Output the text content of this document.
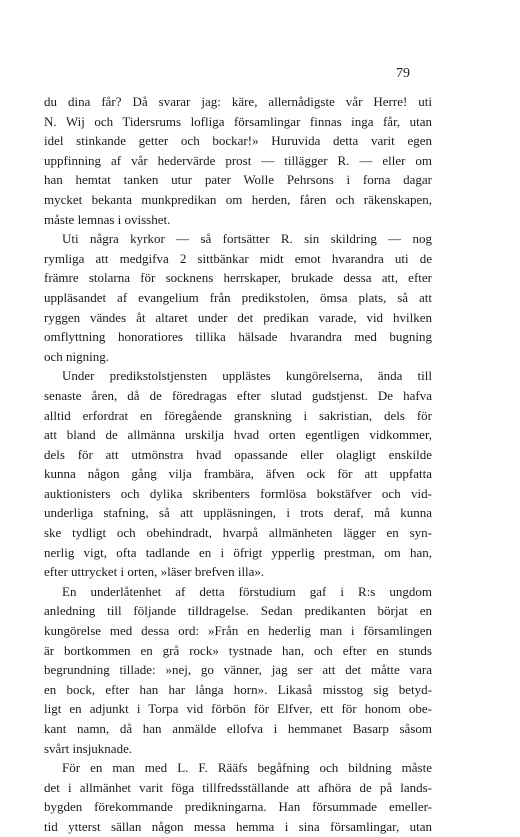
79
du dina får? Då svarar jag: käre, allernådigste vår Herre! uti
N. Wij och Tidersrums lofliga församlingar finnas inga får, utan
idel stinkande getter och bockar!» Huruvida detta varit egen
uppfinning af vår hedervärde prost — tillägger R. — eller om
han hemtat tanken utur pater Wolle Pehrsons i forna dagar
mycket bekanta munkpredikan om herden, fåren och räkenskapen,
måste lemnas i ovisshet.
Uti några kyrkor — så fortsätter R. sin skildring — nog
rymliga att medgifva 2 sittbänkar midt emot hvarandra uti de
främre stolarna för socknens herrskaper, brukade dessa att, efter
uppläsandet af evangelium från predikstolen, ömsa plats, så att
ryggen vändes åt altaret under det predikan varade, vid hvilken
omflyttning honoratiores tillika hälsade hvarandra med bugning
och nigning.
Under predikstolstjensten upplästes kungörelserna, ända till
senaste åren, då de föredragas efter slutad gudstjenst. De hafva
alltid erfordrat en föregående granskning i sakristian, dels för
att bland de allmänna urskilja hvad orten egentligen vidkommer,
dels för att utmönstra hvad opassande eller olagligt enskilde
kunna någon gång vilja frambära, äfven ock för att uppfatta
auktionisters och dylika skribenters formlösa bokstäfver och vid-
underliga stafning, så att uppläsningen, i trots deraf, må kunna
ske tydligt och obehindradt, hvarpå allmänheten lägger en syn-
nerlig vigt, ofta tadlande en i öfrigt ypperlig prestman, om han,
efter uttrycket i orten, »läser brefven illa».
En underlåtenhet af detta förstudium gaf i R:s ungdom
anledning till följande tilldragelse. Sedan predikanten börjat en
kungörelse med dessa ord: »Från en hederlig man i församlingen
är bortkommen en grå rock» tystnade han, och efter en stunds
begrundning tillade: »nej, go vänner, jag ser att det måtte vara
en bock, efter han har långa horn». Likaså misstog sig betyd-
ligt en adjunkt i Torpa vid förbön för Elfver, ett för honom obe-
kant namn, då han anmälde ellofva i hemmanet Basarp såsom
svårt insjuknade.
För en man med L. F. Rääfs begåfning och bildning måste
det i allmänhet varit föga tillfredsställande att afhöra de på lands-
bygden förekommande predikningarna. Han försummade emeller-
tid ytterst sällan någon messa hemma i sina församlingar, utan
